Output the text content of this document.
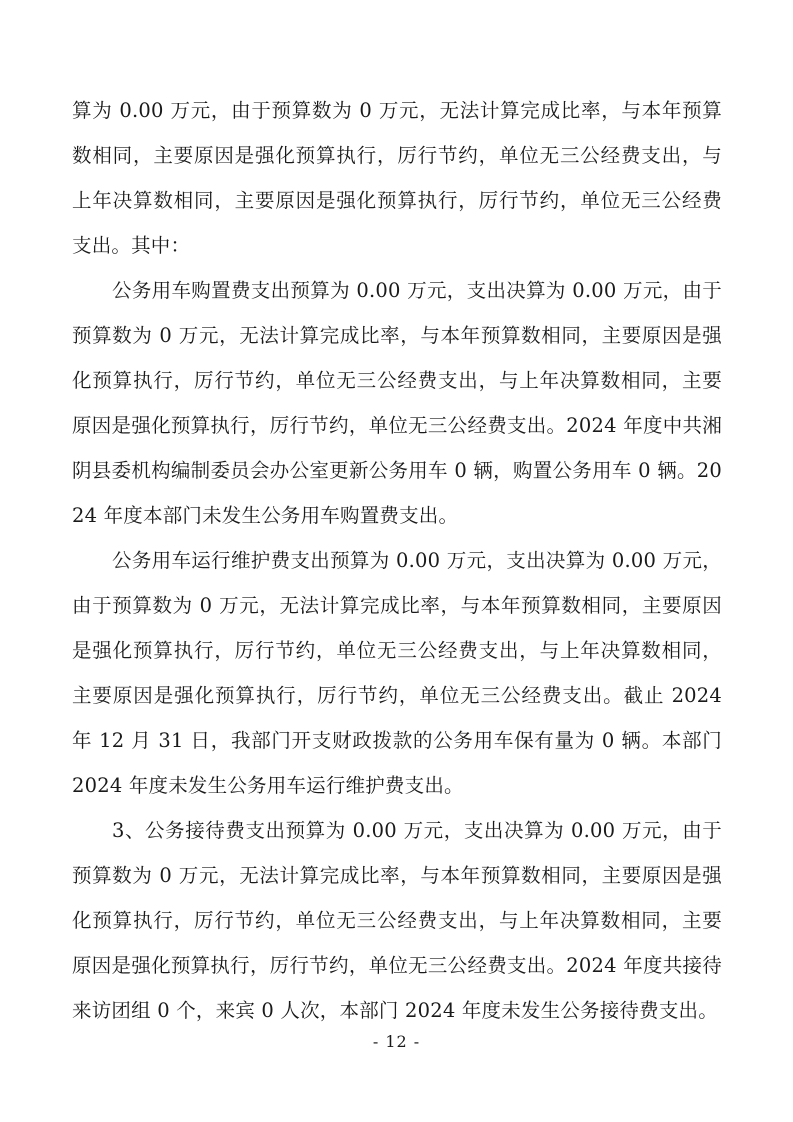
算为 0.00 万元，由于预算数为 0 万元，无法计算完成比率，与本年预算数相同，主要原因是强化预算执行，厉行节约，单位无三公经费支出，与上年决算数相同，主要原因是强化预算执行，厉行节约，单位无三公经费支出。其中：

公务用车购置费支出预算为 0.00 万元，支出决算为 0.00 万元，由于预算数为 0 万元，无法计算完成比率，与本年预算数相同，主要原因是强化预算执行，厉行节约，单位无三公经费支出，与上年决算数相同，主要原因是强化预算执行，厉行节约，单位无三公经费支出。2024 年度中共湘阴县委机构编制委员会办公室更新公务用车 0 辆，购置公务用车 0 辆。2024 年度本部门未发生公务用车购置费支出。

公务用车运行维护费支出预算为 0.00 万元，支出决算为 0.00 万元，由于预算数为 0 万元，无法计算完成比率，与本年预算数相同，主要原因是强化预算执行，厉行节约，单位无三公经费支出，与上年决算数相同，主要原因是强化预算执行，厉行节约，单位无三公经费支出。截止 2024 年 12 月 31 日，我部门开支财政拨款的公务用车保有量为 0 辆。本部门 2024 年度未发生公务用车运行维护费支出。

3、公务接待费支出预算为 0.00 万元，支出决算为 0.00 万元，由于预算数为 0 万元，无法计算完成比率，与本年预算数相同，主要原因是强化预算执行，厉行节约，单位无三公经费支出，与上年决算数相同，主要原因是强化预算执行，厉行节约，单位无三公经费支出。2024 年度共接待来访团组 0 个，来宾 0 人次，本部门 2024 年度未发生公务接待费支出。

- 12 -
